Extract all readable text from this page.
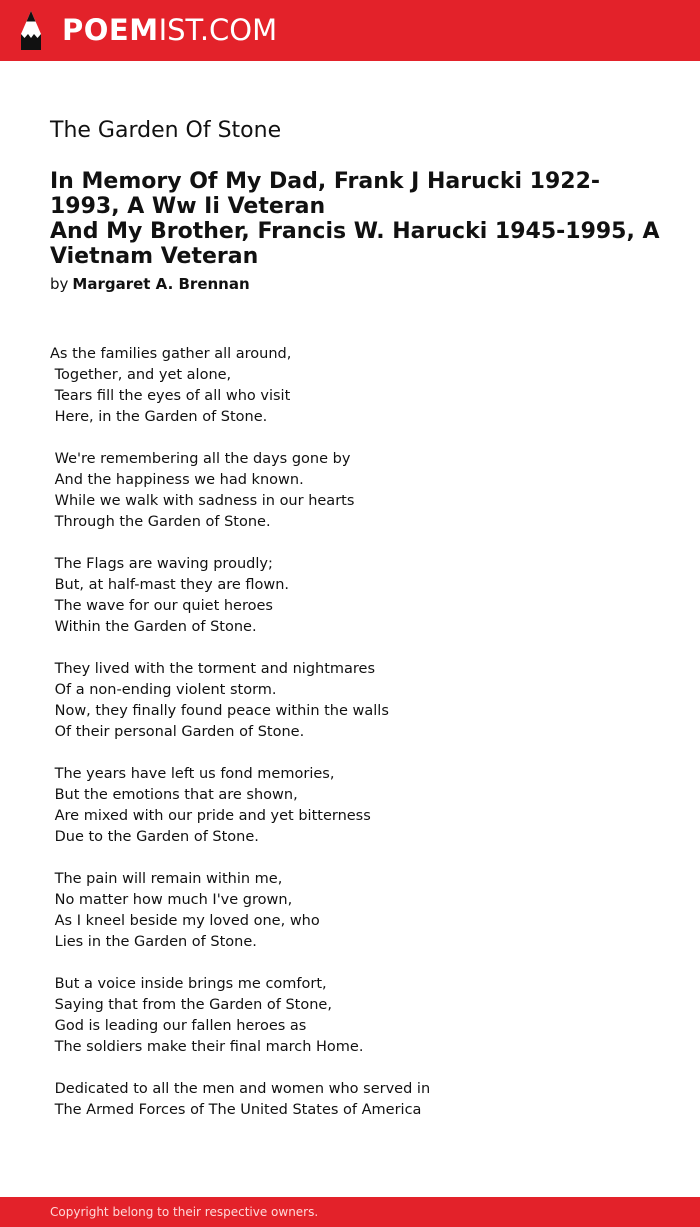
POEMIST.COM
The Garden Of Stone
In Memory Of My Dad, Frank J Harucki 1922-1993, A Ww Ii Veteran
And My Brother, Francis W. Harucki 1945-1995, A Vietnam Veteran
by Margaret A. Brennan
As the families gather all around,
Together, and yet alone,
Tears fill the eyes of all who visit
Here, in the Garden of Stone.
We're remembering all the days gone by
And the happiness we had known.
While we walk with sadness in our hearts
Through the Garden of Stone.
The Flags are waving proudly;
But, at half-mast they are flown.
The wave for our quiet heroes
Within the Garden of Stone.
They lived with the torment and nightmares
Of a non-ending violent storm.
Now, they finally found peace within the walls
Of their personal Garden of Stone.
The years have left us fond memories,
But the emotions that are shown,
Are mixed with our pride and yet bitterness
Due to the Garden of Stone.
The pain will remain within me,
No matter how much I've grown,
As I kneel beside my loved one, who
Lies in the Garden of Stone.
But a voice inside brings me comfort,
Saying that from the Garden of Stone,
God is leading our fallen heroes as
The soldiers make their final march Home.
Dedicated to all the men and women who served in
The Armed Forces of The United States of America
Copyright belong to their respective owners.
